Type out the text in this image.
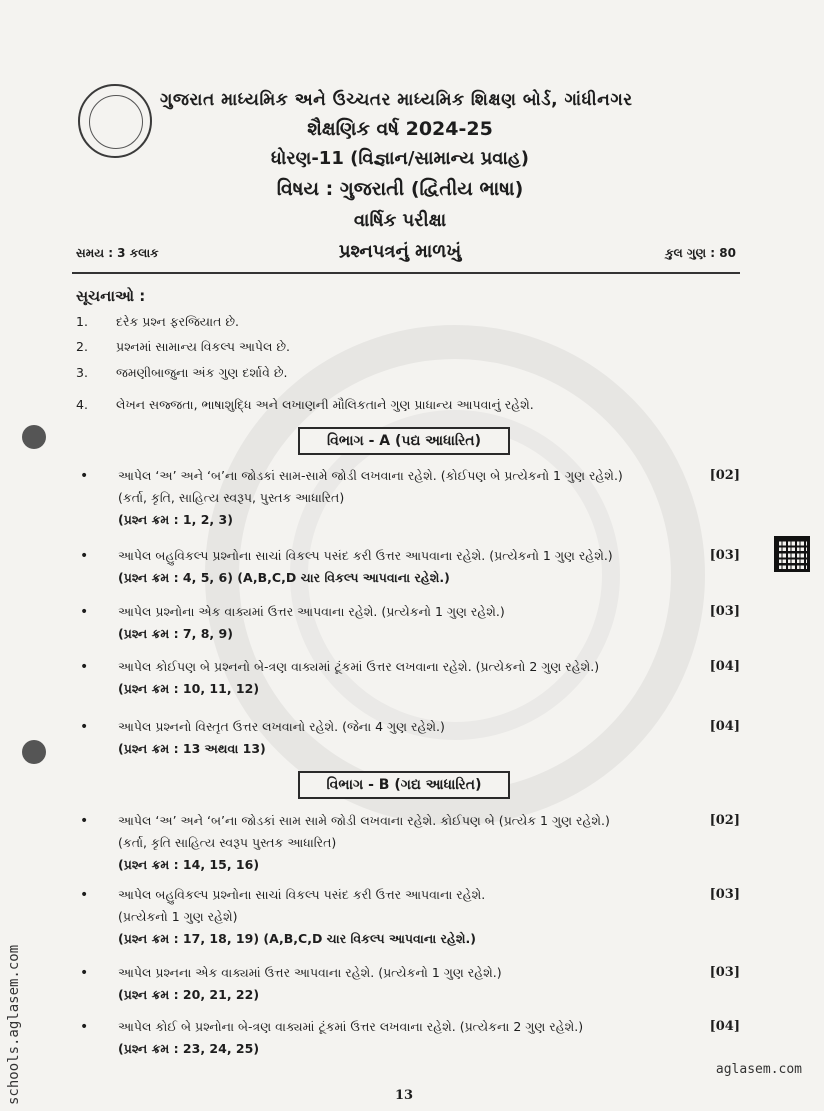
ગુજરાત માધ્યમિક અને ઉચ્ચતર માધ્યમિક શિક્ષણ બોર્ડ, ગાંધીનગર
શૈક્ષણિક વર્ષ 2024-25
ધોરણ-11 (વિજ્ઞાન/સામાન્ય પ્રવાહ)
વિષય : ગુજરાતી (દ્વિતીય ભાષા)
વાર્ષિક પરીક્ષા
પ્રશ્નપત્રનું માળખું
સમય : 3 કલાક	કુલ ગુણ : 80
સૂચનાઓ :
1. દરેક પ્રશ્ન ફરજિયાત છે.
2. પ્રશ્નમાં સામાન્ય વિકલ્પ આપેલ છે.
3. જમણીબાજુના અંક ગુણ દર્શાવે છે.
4. લેખન સજ્જતા, ભાષાશુદ્ધિ અને લખાણની મૌલિકતાને ગુણ પ્રાધાન્ય આપવાનું રહેશે.
વિભાગ - A (પદ્ય આધારિત)
• આપેલ ‘અ’ અને ‘બ’ના જોડકાં સામ-સામે જોડી લખવાના રહેશે. (કોઈપણ બે પ્રત્યેકનો 1 ગુણ રહેશે.)
(કર્તા, કૃતિ, સાહિત્ય સ્વરૂપ, પુસ્તક આધારિત)
(પ્રશ્ન ક્રમ : 1, 2, 3)
[02]
• આપેલ બહુવિકલ્પ પ્રશ્નોના સાચાં વિકલ્પ પસંદ કરી ઉત્તર આપવાના રહેશે. (પ્રત્યેકનો 1 ગુણ રહેશે.)
(પ્રશ્ન ક્રમ : 4, 5, 6) (A,B,C,D ચાર વિકલ્પ આપવાના રહેશે.)
[03]
• આપેલ પ્રશ્નોના એક વાક્યમાં ઉત્તર આપવાના રહેશે. (પ્રત્યેકનો 1 ગુણ રહેશે.)
(પ્રશ્ન ક્રમ : 7, 8, 9)
[03]
• આપેલ કોઈપણ બે પ્રશ્નનો બે-ત્રણ વાક્યમાં ટૂંકમાં ઉત્તર લખવાના રહેશે. (પ્રત્યેકનો 2 ગુણ રહેશે.)
(પ્રશ્ન ક્રમ : 10, 11, 12)
[04]
• આપેલ પ્રશ્નનો વિસ્તૃત ઉત્તર લખવાનો રહેશે. (જેના 4 ગુણ રહેશે.)
(પ્રશ્ન ક્રમ : 13 અથવા 13)
[04]
વિભાગ - B (ગદ્ય આધારિત)
• આપેલ ‘અ’ અને ‘બ’ના જોડકાં સામ સામે જોડી લખવાના રહેશે. કોઈપણ બે (પ્રત્યેક 1 ગુણ રહેશે.)
(કર્તા, કૃતિ સાહિત્ય સ્વરૂપ પુસ્તક આધારિત)
(પ્રશ્ન ક્રમ : 14, 15, 16)
[02]
• આપેલ બહુવિકલ્પ પ્રશ્નોના સાચાં વિકલ્પ પસંદ કરી ઉત્તર આપવાના રહેશે.
(પ્રત્યેકનો 1 ગુણ રહેશે)
(પ્રશ્ન ક્રમ : 17, 18, 19) (A,B,C,D ચાર વિકલ્પ આપવાના રહેશે.)
[03]
• આપેલ પ્રશ્નના એક વાક્યમાં ઉત્તર આપવાના રહેશે. (પ્રત્યેકનો 1 ગુણ રહેશે.)
(પ્રશ્ન ક્રમ : 20, 21, 22)
[03]
• આપેલ કોઈ બે પ્રશ્નોના બે-ત્રણ વાક્યમાં ટૂંકમાં ઉત્તર લખવાના રહેશે. (પ્રત્યેકના 2 ગુણ રહેશે.)
(પ્રશ્ન ક્રમ : 23, 24, 25)
[04]
schools.aglasem.com	aglasem.com
13
